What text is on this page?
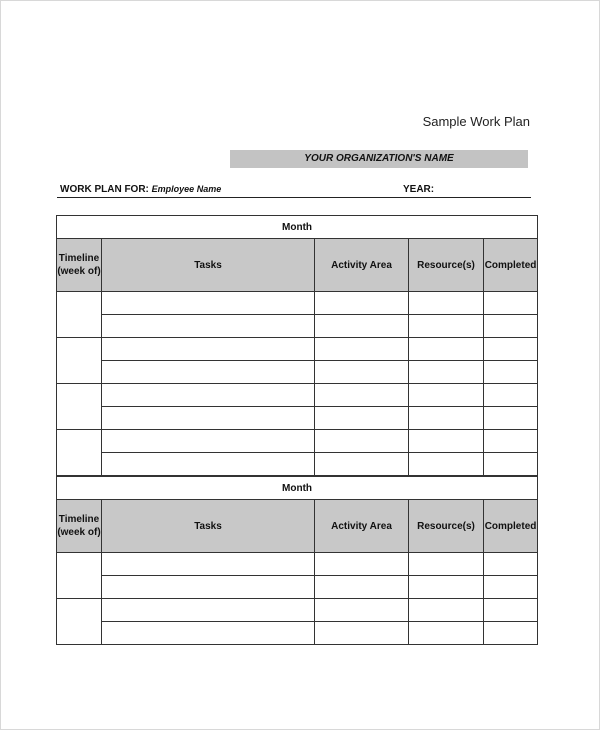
Sample Work Plan
YOUR ORGANIZATION'S NAME
WORK PLAN FOR: Employee Name	YEAR:
Month				
Timeline (week of)	Tasks	Activity Area	Resource(s)	Completed

Month				
Timeline (week of)	Tasks	Activity Area	Resource(s)	Completed
